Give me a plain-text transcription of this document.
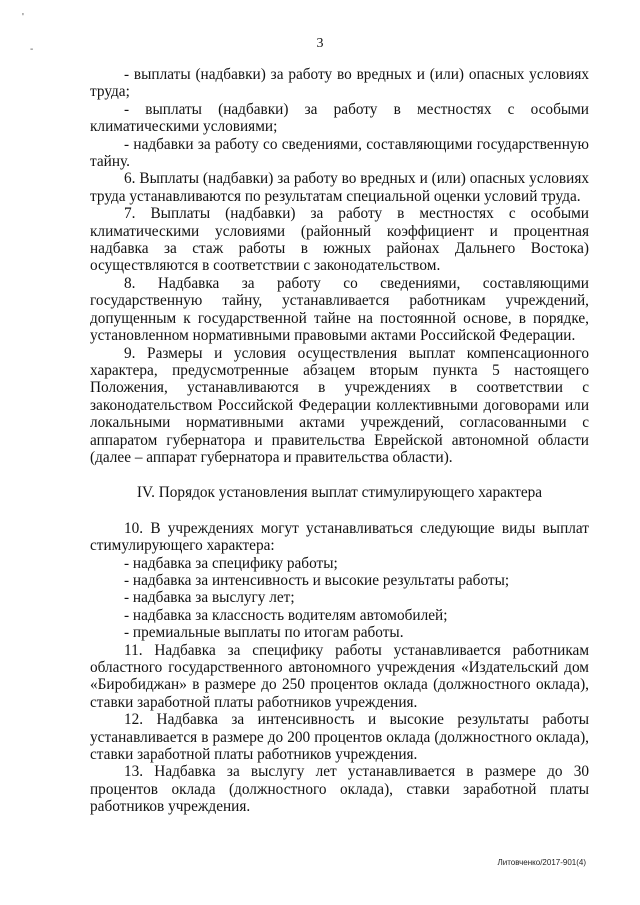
'
-	3

- выплаты (надбавки) за работу во вредных и (или) опасных условиях труда;

- выплаты (надбавки) за работу в местностях с особыми климатическими условиями;

- надбавки за работу со сведениями, составляющими государственную тайну.

6. Выплаты (надбавки) за работу во вредных и (или) опасных условиях труда устанавливаются по результатам специальной оценки условий труда.

7. Выплаты (надбавки) за работу в местностях с особыми климатическими условиями (районный коэффициент и процентная надбавка за стаж работы в южных районах Дальнего Востока) осуществляются в соответствии с законодательством.

8. Надбавка за работу со сведениями, составляющими государственную тайну, устанавливается работникам учреждений, допущенным к государственной тайне на постоянной основе, в порядке, установленном нормативными правовыми актами Российской Федерации.

9. Размеры и условия осуществления выплат компенсационного характера, предусмотренные абзацем вторым пункта 5 настоящего Положения, устанавливаются в учреждениях в соответствии с законодательством Российской Федерации коллективными договорами или локальными нормативными актами учреждений, согласованными с аппаратом губернатора и правительства Еврейской автономной области (далее – аппарат губернатора и правительства области).

IV. Порядок установления выплат стимулирующего характера

10. В учреждениях могут устанавливаться следующие виды выплат стимулирующего характера:

- надбавка за специфику работы;

- надбавка за интенсивность и высокие результаты работы;

- надбавка за выслугу лет;

- надбавка за классность водителям автомобилей;

- премиальные выплаты по итогам работы.

11. Надбавка за специфику работы устанавливается работникам областного государственного автономного учреждения «Издательский дом «Биробиджан» в размере до 250 процентов оклада (должностного оклада), ставки заработной платы работников учреждения.

12. Надбавка за интенсивность и высокие результаты работы устанавливается в размере до 200 процентов оклада (должностного оклада), ставки заработной платы работников учреждения.

13. Надбавка за выслугу лет устанавливается в размере до 30 процентов оклада (должностного оклада), ставки заработной платы работников учреждения.

Литовченко/2017-901(4)
